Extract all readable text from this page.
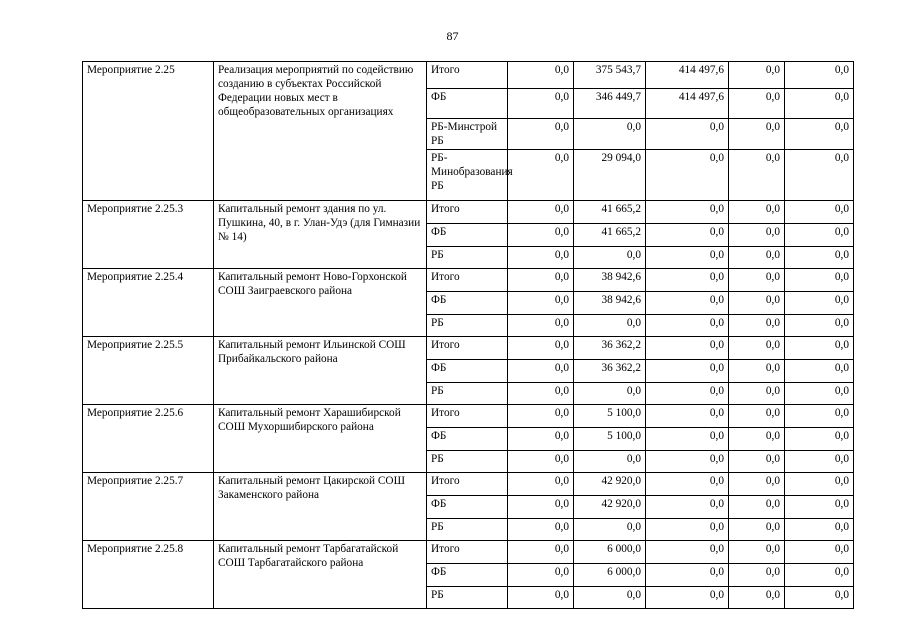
87
Мероприятие 2.25	Реализация мероприятий по содействию созданию в субъектах Российской Федерации новых мест в общеобразовательных организациях	Итого	0,0	375 543,7	414 497,6	0,0	0,0
		ФБ	0,0	346 449,7	414 497,6	0,0	0,0
		РБ-Минстрой РБ	0,0	0,0	0,0	0,0	0,0
		РБ-Минобразования РБ	0,0	29 094,0	0,0	0,0	0,0
Мероприятие 2.25.3	Капитальный ремонт здания по ул. Пушкина, 40, в г. Улан-Удэ (для Гимназии № 14)	Итого	0,0	41 665,2	0,0	0,0	0,0
		ФБ	0,0	41 665,2	0,0	0,0	0,0
		РБ	0,0	0,0	0,0	0,0	0,0
Мероприятие 2.25.4	Капитальный ремонт Ново-Горхонской СОШ Заиграевского района	Итого	0,0	38 942,6	0,0	0,0	0,0
		ФБ	0,0	38 942,6	0,0	0,0	0,0
		РБ	0,0	0,0	0,0	0,0	0,0
Мероприятие 2.25.5	Капитальный ремонт Ильинской СОШ Прибайкальского района	Итого	0,0	36 362,2	0,0	0,0	0,0
		ФБ	0,0	36 362,2	0,0	0,0	0,0
		РБ	0,0	0,0	0,0	0,0	0,0
Мероприятие 2.25.6	Капитальный ремонт Харашибирской СОШ Мухоршибирского района	Итого	0,0	5 100,0	0,0	0,0	0,0
		ФБ	0,0	5 100,0	0,0	0,0	0,0
		РБ	0,0	0,0	0,0	0,0	0,0
Мероприятие 2.25.7	Капитальный ремонт Цакирской СОШ Закаменского района	Итого	0,0	42 920,0	0,0	0,0	0,0
		ФБ	0,0	42 920,0	0,0	0,0	0,0
		РБ	0,0	0,0	0,0	0,0	0,0
Мероприятие 2.25.8	Капитальный ремонт Тарбагатайской СОШ Тарбагатайского района	Итого	0,0	6 000,0	0,0	0,0	0,0
		ФБ	0,0	6 000,0	0,0	0,0	0,0
		РБ	0,0	0,0	0,0	0,0	0,0
